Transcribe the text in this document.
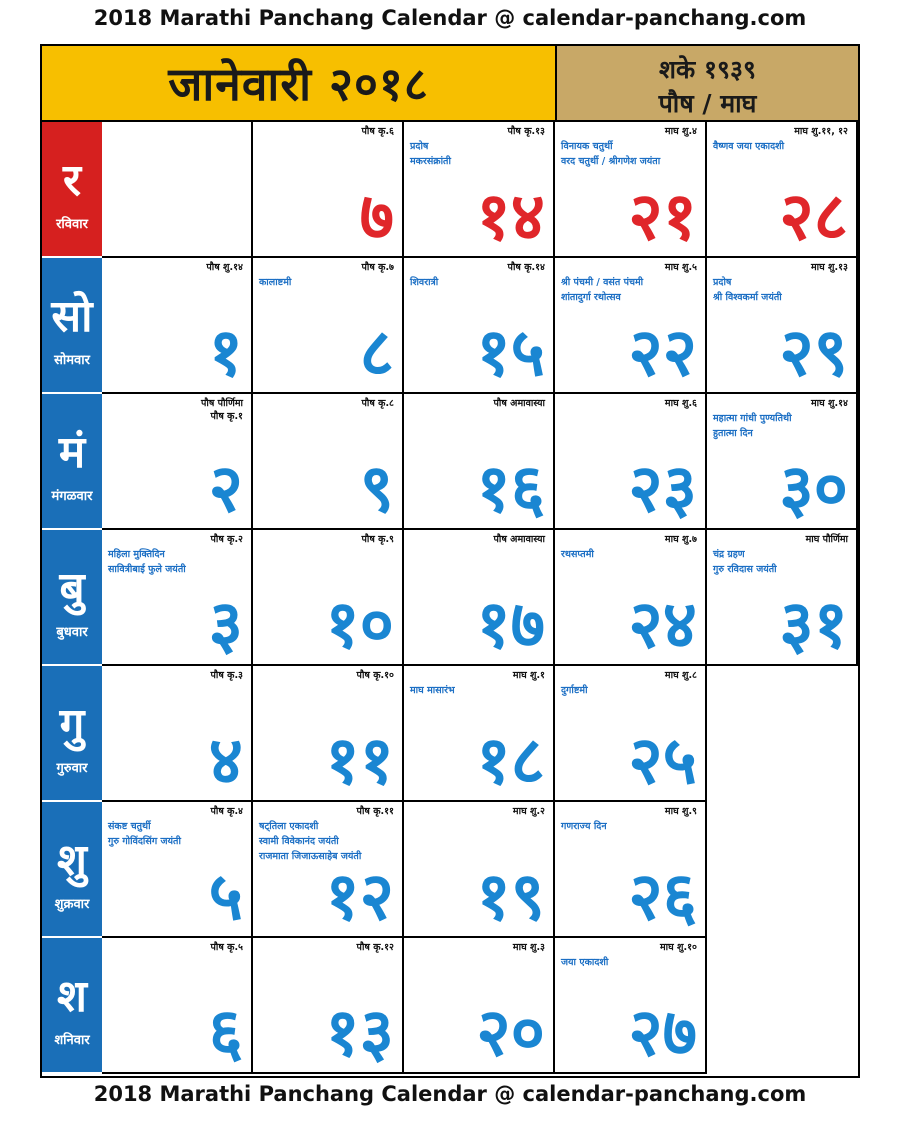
2018 Marathi Panchang Calendar @ calendar-panchang.com
जानेवारी २०१८	शके १९३९
पौष / माघ
र
रविवार
सो
सोमवार
मं
मंगळवार
बु
बुधवार
गु
गुरुवार
शु
शुक्रवार
श
शनिवार
पौष कृ.६
७
पौष कृ.१३
प्रदोष
मकरसंक्रांती
१४
माघ शु.४
विनायक चतुर्थी
वरद चतुर्थी / श्रीगणेश जयंता
२१
माघ शु.११, १२
वैष्णव जया एकादशी
२८
पौष शु.१४
१
पौष कृ.७
कालाष्टमी
८
पौष कृ.१४
शिवरात्री
१५
माघ शु.५
श्री पंचमी / वसंत पंचमी
शांतादुर्गा रथोत्सव
२२
माघ शु.१३
प्रदोष
श्री विश्वकर्मा जयंती
२९
पौष पौर्णिमा
पौष कृ.१
२
पौष कृ.८
९
पौष अमावास्या
१६
माघ शु.६
२३
माघ शु.१४
महात्मा गांधी पुण्यतिथी
हुतात्मा दिन
३०
पौष कृ.२
महिला मुक्तिदिन
सावित्रीबाई फुले जयंती
३
पौष कृ.९
१०
पौष अमावास्या
१७
माघ शु.७
रथसप्तमी
२४
माघ पौर्णिमा
चंद्र ग्रहण
गुरु रविदास जयंती
३१
पौष कृ.३
४
पौष कृ.१०
११
माघ शु.१
माघ मासारंभ
१८
माघ शु.८
दुर्गाष्टमी
२५
पौष कृ.४
संकष्ट चतुर्थी
गुरु गोविंदसिंग जयंती
५
पौष कृ.११
षट्तिला एकादशी
स्वामी विवेकानंद जयंती
राजमाता जिजाऊसाहेब जयंती
१२
माघ शु.२
१९
माघ शु.९
गणराज्य दिन
२६
पौष कृ.५
६
पौष कृ.१२
१३
माघ शु.३
२०
माघ शु.१०
जया एकादशी
२७
2018 Marathi Panchang Calendar @ calendar-panchang.com
